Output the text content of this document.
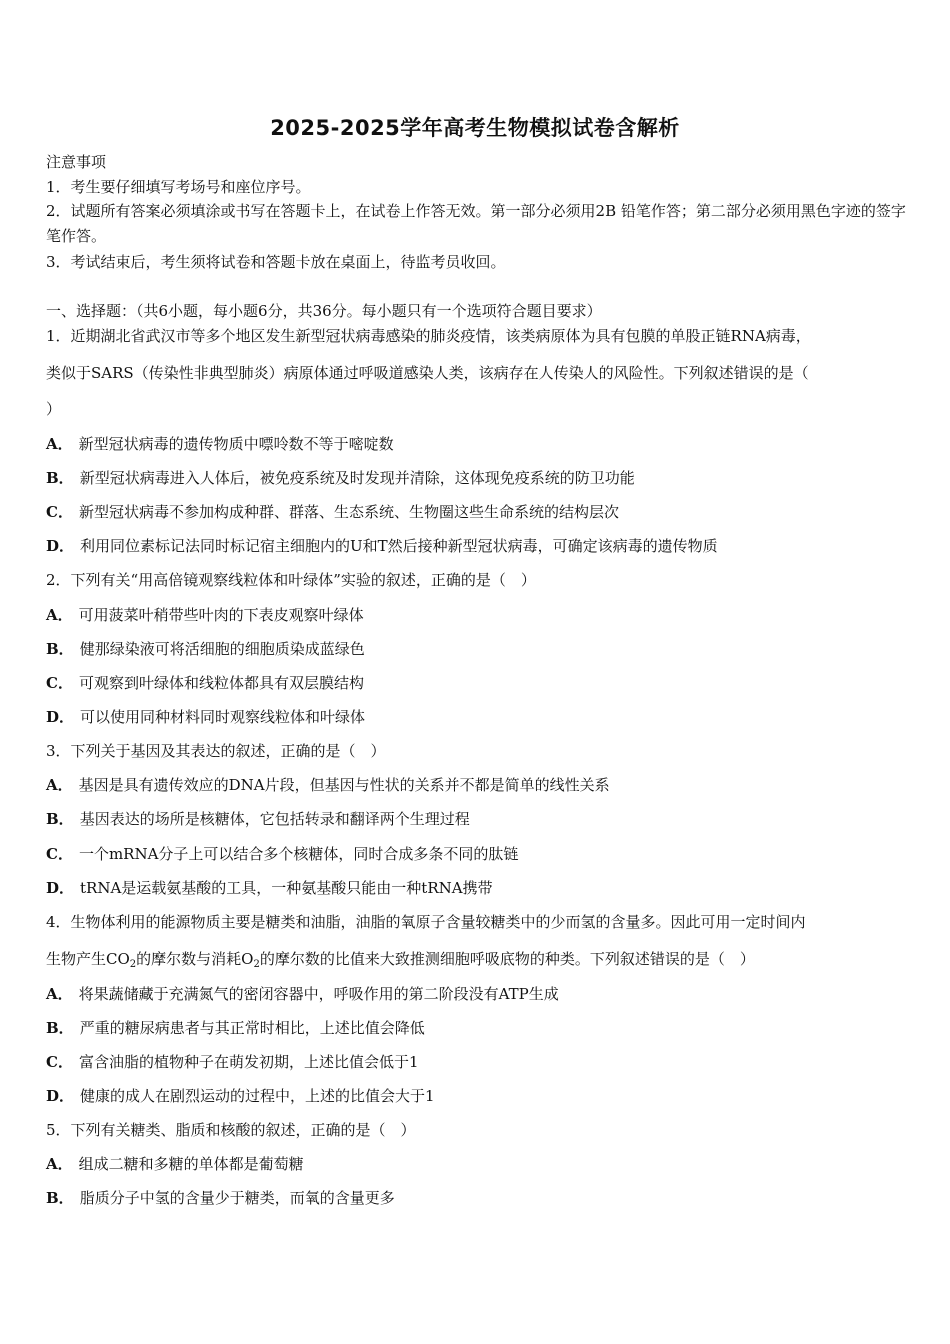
2025-2025学年高考生物模拟试卷含解析
注意事项
1．考生要仔细填写考场号和座位序号。
2．试题所有答案必须填涂或书写在答题卡上，在试卷上作答无效。第一部分必须用2B 铅笔作答；第二部分必须用黑色字迹的签字笔作答。
3．考试结束后，考生须将试卷和答题卡放在桌面上，待监考员收回。
一、选择题：（共6小题，每小题6分，共36分。每小题只有一个选项符合题目要求）
1．近期湖北省武汉市等多个地区发生新型冠状病毒感染的肺炎疫情，该类病原体为具有包膜的单股正链RNA病毒，
类似于SARS（传染性非典型肺炎）病原体通过呼吸道感染人类，该病存在人传染人的风险性。下列叙述错误的是（
）
A． 新型冠状病毒的遗传物质中嘌呤数不等于嘧啶数
B． 新型冠状病毒进入人体后，被免疫系统及时发现并清除，这体现免疫系统的防卫功能
C． 新型冠状病毒不参加构成种群、群落、生态系统、生物圈这些生命系统的结构层次
D． 利用同位素标记法同时标记宿主细胞内的U和T然后接种新型冠状病毒，可确定该病毒的遗传物质
2．下列有关“用高倍镜观察线粒体和叶绿体”实验的叙述，正确的是（　）
A． 可用菠菜叶稍带些叶肉的下表皮观察叶绿体
B． 健那绿染液可将活细胞的细胞质染成蓝绿色
C． 可观察到叶绿体和线粒体都具有双层膜结构
D． 可以使用同种材料同时观察线粒体和叶绿体
3．下列关于基因及其表达的叙述，正确的是（　）
A． 基因是具有遗传效应的DNA片段，但基因与性状的关系并不都是简单的线性关系
B． 基因表达的场所是核糖体，它包括转录和翻译两个生理过程
C． 一个mRNA分子上可以结合多个核糖体，同时合成多条不同的肽链
D． tRNA是运载氨基酸的工具，一种氨基酸只能由一种tRNA携带
4．生物体利用的能源物质主要是糖类和油脂，油脂的氧原子含量较糖类中的少而氢的含量多。因此可用一定时间内
生物产生$CO_2$的摩尔数与消耗$O_2$的摩尔数的比值来大致推测细胞呼吸底物的种类。下列叙述错误的是（　）
A． 将果蔬储藏于充满氮气的密闭容器中，呼吸作用的第二阶段没有ATP生成
B． 严重的糖尿病患者与其正常时相比，上述比值会降低
C． 富含油脂的植物种子在萌发初期，上述比值会低于1
D． 健康的成人在剧烈运动的过程中，上述的比值会大于1
5．下列有关糖类、脂质和核酸的叙述，正确的是（　）
A． 组成二糖和多糖的单体都是葡萄糖
B． 脂质分子中氢的含量少于糖类，而氧的含量更多
